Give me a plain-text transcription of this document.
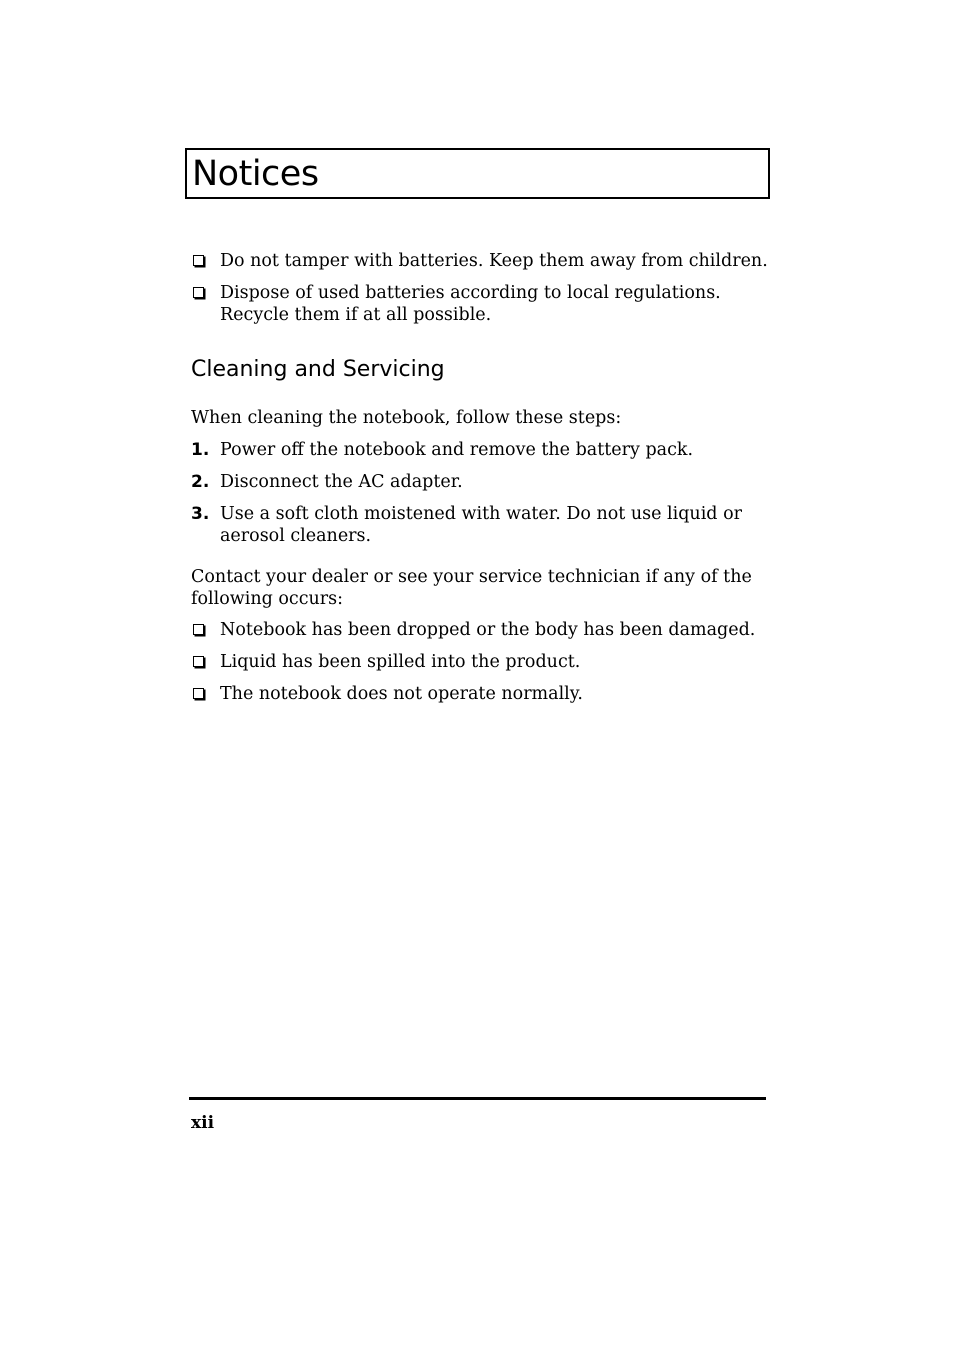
Notices
Do not tamper with batteries. Keep them away from children.
Dispose of used batteries according to local regulations.
Recycle them if at all possible.
Cleaning and Servicing
When cleaning the notebook, follow these steps:
1. Power off the notebook and remove the battery pack.
2. Disconnect the AC adapter.
3. Use a soft cloth moistened with water. Do not use liquid or
aerosol cleaners.
Contact your dealer or see your service technician if any of the
following occurs:
Notebook has been dropped or the body has been damaged.
Liquid has been spilled into the product.
The notebook does not operate normally.
xii
